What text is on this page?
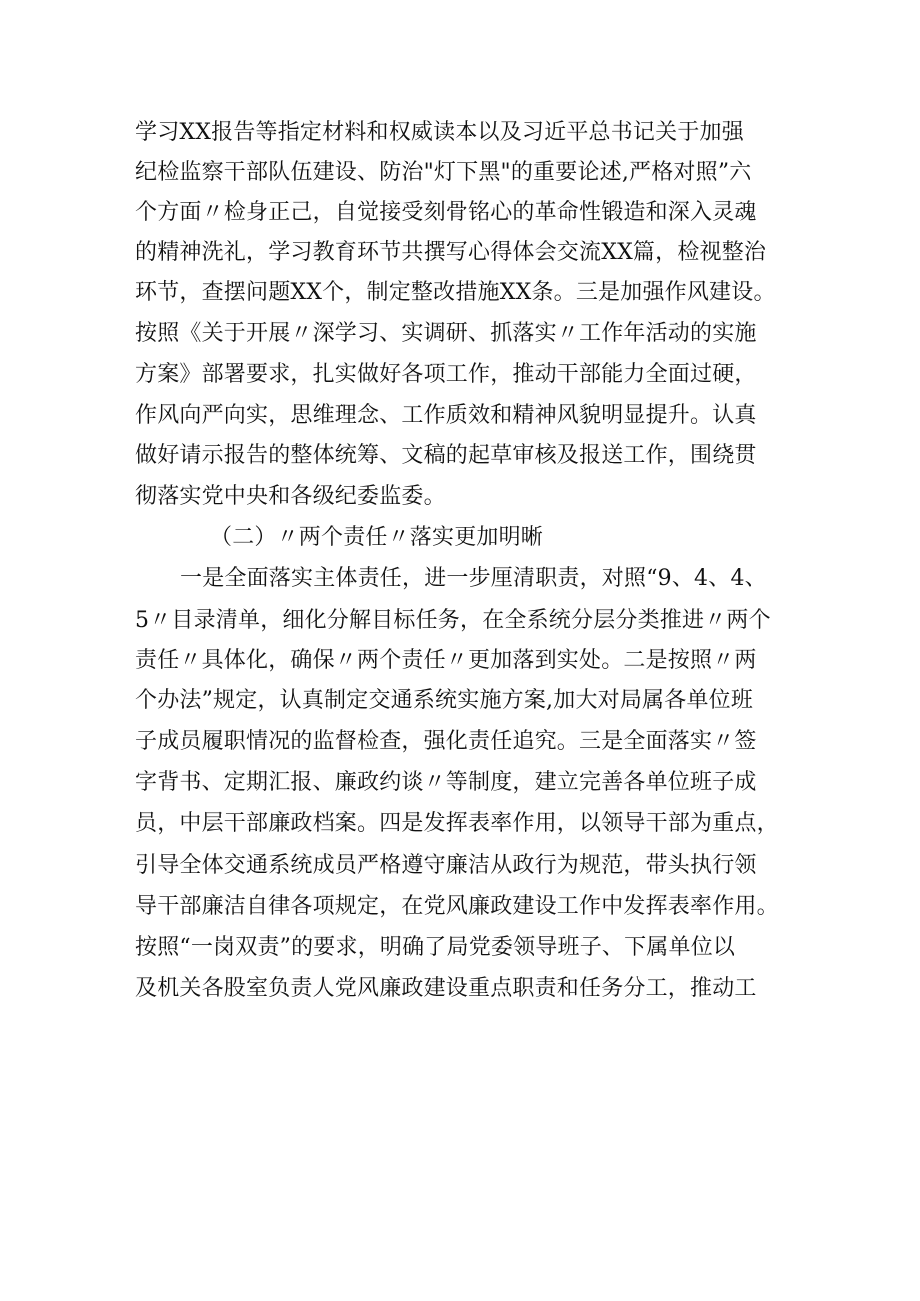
学习XX报告等指定材料和权威读本以及习近平总书记关于加强
纪检监察干部队伍建设、防治"灯下黑"的重要论述,严格对照”六
个方面〃检身正己，自觉接受刻骨铭心的革命性锻造和深入灵魂
的精神洗礼，学习教育环节共撰写心得体会交流XX篇，检视整治
环节，查摆问题XX个，制定整改措施XX条。三是加强作风建设。
按照《关于开展〃深学习、实调研、抓落实〃工作年活动的实施
方案》部署要求，扎实做好各项工作，推动干部能力全面过硬，
作风向严向实，思维理念、工作质效和精神风貌明显提升。认真
做好请示报告的整体统筹、文稿的起草审核及报送工作，围绕贯
彻落实党中央和各级纪委监委。
（二）〃两个责任〃落实更加明晰
一是全面落实主体责任，进一步厘清职责，对照“9、4、4、
5〃目录清单，细化分解目标任务，在全系统分层分类推进〃两个
责任〃具体化，确保〃两个责任〃更加落到实处。二是按照〃两
个办法”规定，认真制定交通系统实施方案,加大对局属各单位班
子成员履职情况的监督检查，强化责任追究。三是全面落实〃签
字背书、定期汇报、廉政约谈〃等制度，建立完善各单位班子成
员，中层干部廉政档案。四是发挥表率作用，以领导干部为重点，
引导全体交通系统成员严格遵守廉洁从政行为规范，带头执行领
导干部廉洁自律各项规定，在党风廉政建设工作中发挥表率作用。
按照“一岗双责”的要求，明确了局党委领导班子、下属单位以
及机关各股室负责人党风廉政建设重点职责和任务分工，推动工
